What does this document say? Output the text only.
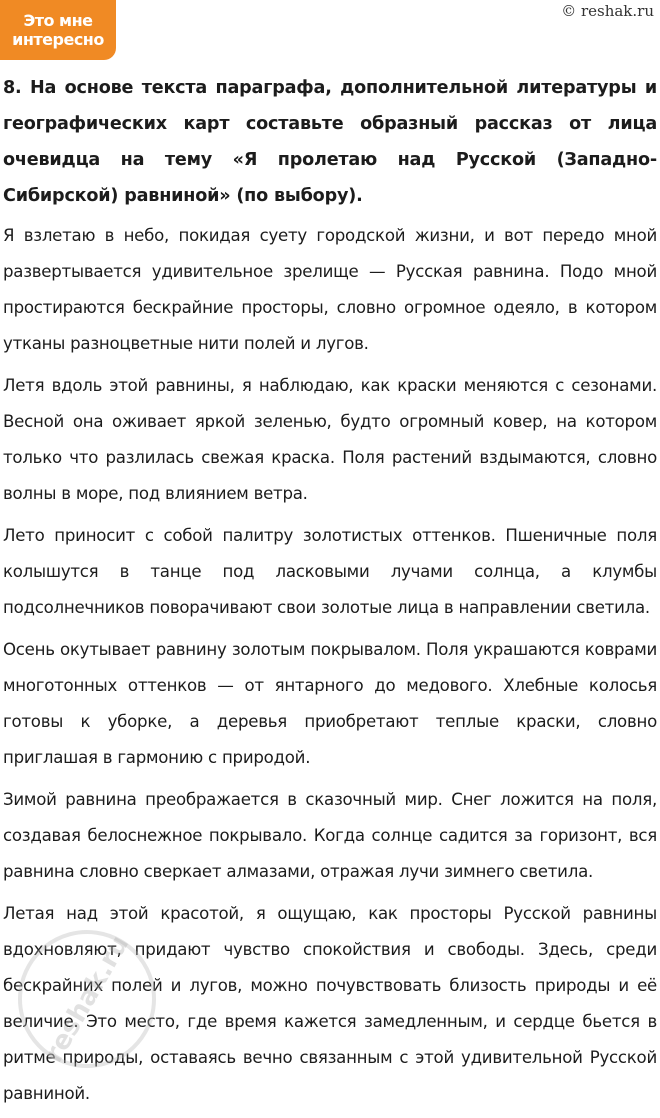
Это мне
интересно
© reshak.ru

8. На основе текста параграфа, дополнительной литературы и географических карт составьте образный рассказ от лица очевидца на тему «Я пролетаю над Русской (Западно-Сибирской) равниной» (по выбору).

Я взлетаю в небо, покидая суету городской жизни, и вот передо мной развертывается удивительное зрелище — Русская равнина. Подо мной простираются бескрайние просторы, словно огромное одеяло, в котором утканы разноцветные нити полей и лугов.

Летя вдоль этой равнины, я наблюдаю, как краски меняются с сезонами. Весной она оживает яркой зеленью, будто огромный ковер, на котором только что разлилась свежая краска. Поля растений вздымаются, словно волны в море, под влиянием ветра.

Лето приносит с собой палитру золотистых оттенков. Пшеничные поля колышутся в танце под ласковыми лучами солнца, а клумбы подсолнечников поворачивают свои золотые лица в направлении светила.

Осень окутывает равнину золотым покрывалом. Поля украшаются коврами многотонных оттенков — от янтарного до медового. Хлебные колосья готовы к уборке, а деревья приобретают теплые краски, словно приглашая в гармонию с природой.

Зимой равнина преображается в сказочный мир. Снег ложится на поля, создавая белоснежное покрывало. Когда солнце садится за горизонт, вся равнина словно сверкает алмазами, отражая лучи зимнего светила.

Летая над этой красотой, я ощущаю, как просторы Русской равнины вдохновляют, придают чувство спокойствия и свободы. Здесь, среди бескрайних полей и лугов, можно почувствовать близость природы и её величие. Это место, где время кажется замедленным, и сердце бьется в ритме природы, оставаясь вечно связанным с этой удивительной Русской равниной.

reshak.ru
